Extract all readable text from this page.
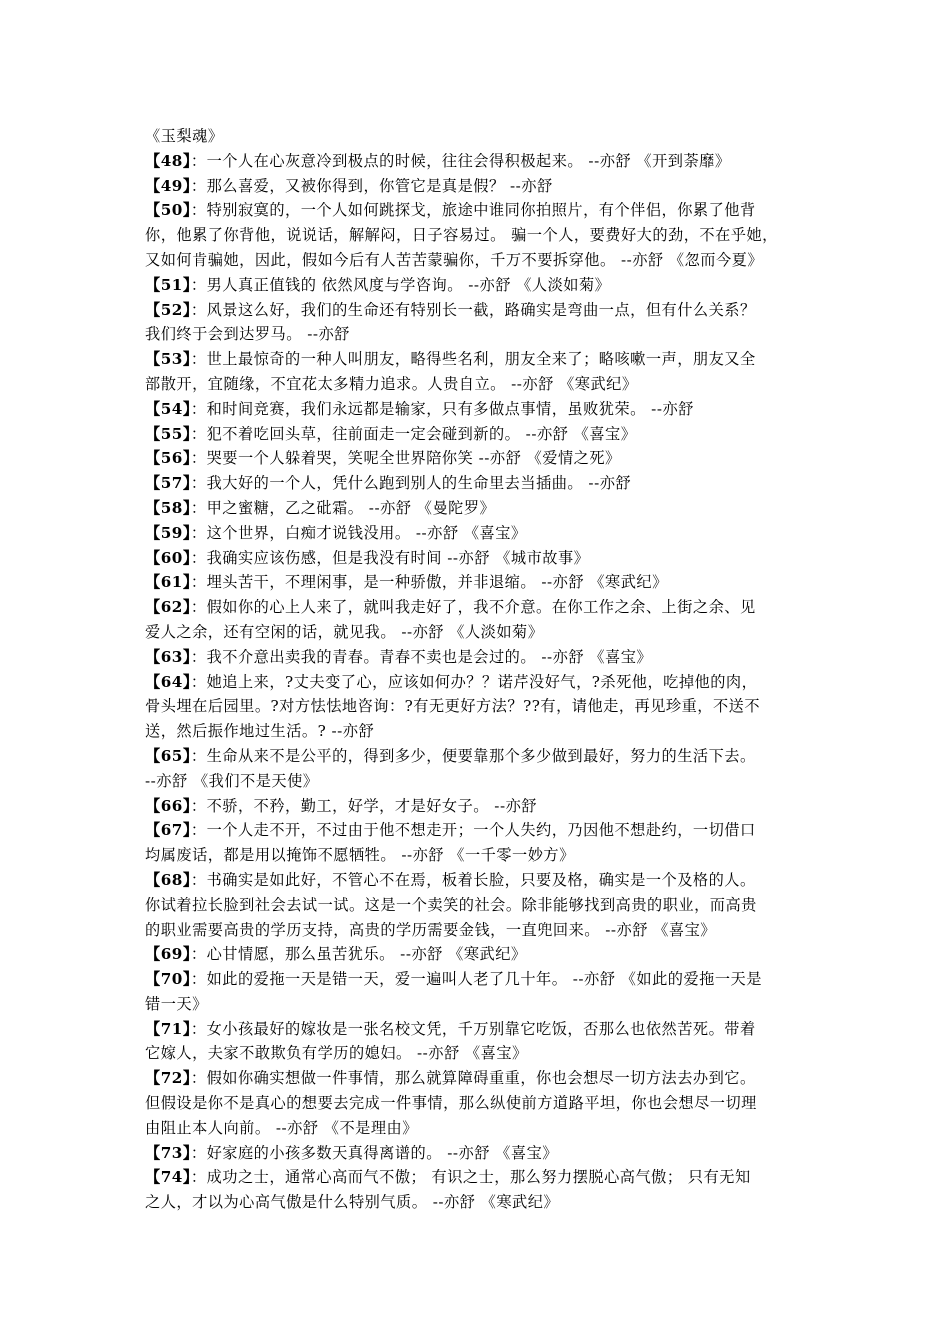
《玉梨魂》
【48】：一个人在心灰意冷到极点的时候，往往会得积极起来。 --亦舒 《开到荼靡》
【49】：那么喜爱，又被你得到，你管它是真是假？ --亦舒
【50】：特别寂寞的，一个人如何跳探戈，旅途中谁同你拍照片，有个伴侣，你累了他背
你，他累了你背他，说说话，解解闷，日子容易过。 骗一个人，要费好大的劲，不在乎她，
又如何肯骗她，因此，假如今后有人苦苦蒙骗你，千万不要拆穿他。 --亦舒 《忽而今夏》
【51】：男人真正值钱的 依然风度与学咨询。 --亦舒 《人淡如菊》
【52】：风景这么好，我们的生命还有特别长一截，路确实是弯曲一点，但有什么关系？
我们终于会到达罗马。 --亦舒
【53】：世上最惊奇的一种人叫朋友，略得些名利，朋友全来了；略咳嗽一声，朋友又全
部散开，宜随缘，不宜花太多精力追求。人贵自立。 --亦舒 《寒武纪》
【54】：和时间竞赛，我们永远都是输家，只有多做点事情，虽败犹荣。 --亦舒
【55】：犯不着吃回头草，往前面走一定会碰到新的。 --亦舒 《喜宝》
【56】：哭要一个人躲着哭，笑呢全世界陪你笑 --亦舒 《爱情之死》
【57】：我大好的一个人，凭什么跑到别人的生命里去当插曲。 --亦舒
【58】：甲之蜜糖，乙之砒霜。 --亦舒 《曼陀罗》
【59】：这个世界，白痴才说钱没用。 --亦舒 《喜宝》
【60】：我确实应该伤感，但是我没有时间 --亦舒 《城市故事》
【61】：埋头苦干，不理闲事，是一种骄傲，并非退缩。 --亦舒 《寒武纪》
【62】：假如你的心上人来了，就叫我走好了，我不介意。在你工作之余、上街之余、见
爱人之余，还有空闲的话，就见我。 --亦舒 《人淡如菊》
【63】：我不介意出卖我的青春。青春不卖也是会过的。 --亦舒 《喜宝》
【64】：她追上来，?丈夫变了心，应该如何办？？诺芹没好气，?杀死他，吃掉他的肉，
骨头埋在后园里。?对方怯怯地咨询：?有无更好方法？??有，请他走，再见珍重，不送不
送，然后振作地过生活。? --亦舒
【65】：生命从来不是公平的，得到多少，便要靠那个多少做到最好，努力的生活下去。
--亦舒 《我们不是天使》
【66】：不骄，不矜，勤工，好学，才是好女子。 --亦舒
【67】：一个人走不开，不过由于他不想走开；一个人失约，乃因他不想赴约，一切借口
均属废话，都是用以掩饰不愿牺牲。 --亦舒 《一千零一妙方》
【68】：书确实是如此好，不管心不在焉，板着长脸，只要及格，确实是一个及格的人。
你试着拉长脸到社会去试一试。这是一个卖笑的社会。除非能够找到高贵的职业，而高贵
的职业需要高贵的学历支持，高贵的学历需要金钱，一直兜回来。 --亦舒 《喜宝》
【69】：心甘情愿，那么虽苦犹乐。 --亦舒 《寒武纪》
【70】：如此的爱拖一天是错一天，爱一遍叫人老了几十年。 --亦舒 《如此的爱拖一天是
错一天》
【71】：女小孩最好的嫁妆是一张名校文凭，千万别靠它吃饭，否那么也依然苦死。带着
它嫁人，夫家不敢欺负有学历的媳妇。 --亦舒 《喜宝》
【72】：假如你确实想做一件事情，那么就算障碍重重，你也会想尽一切方法去办到它。
但假设是你不是真心的想要去完成一件事情，那么纵使前方道路平坦，你也会想尽一切理
由阻止本人向前。 --亦舒 《不是理由》
【73】：好家庭的小孩多数天真得离谱的。 --亦舒 《喜宝》
【74】：成功之士，通常心高而气不傲； 有识之士，那么努力摆脱心高气傲； 只有无知
之人，才以为心高气傲是什么特别气质。 --亦舒 《寒武纪》
